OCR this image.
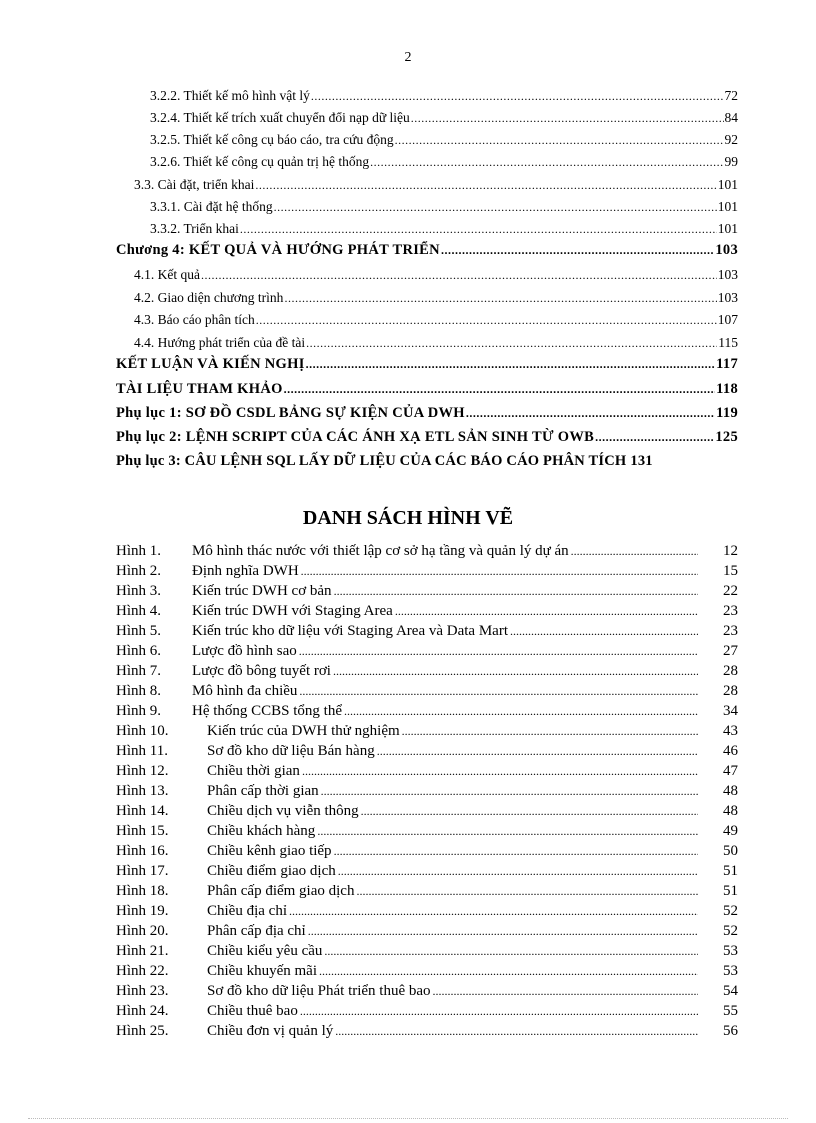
2
3.2.2. Thiết kế mô hình vật lý .....	72
3.2.4. Thiết kế trích xuất chuyển đổi nạp dữ liệu .....	84
3.2.5. Thiết kế công cụ báo cáo, tra cứu động .....	92
3.2.6. Thiết kế công cụ quản trị hệ thống .....	99
3.3. Cài đặt, triển khai .....	101
3.3.1. Cài đặt hệ thống .....	101
3.3.2. Triển khai .....	101
Chương 4: KẾT QUẢ VÀ HƯỚNG PHÁT TRIỂN .....	103
4.1. Kết quả .....	103
4.2. Giao diện chương trình .....	103
4.3. Báo cáo phân tích .....	107
4.4. Hướng phát triển của đề tài .....	115
KẾT LUẬN VÀ KIẾN NGHỊ .....	117
TÀI LIỆU THAM KHẢO .....	118
Phụ lục 1: SƠ ĐỒ CSDL BẢNG SỰ KIỆN CỦA DWH .....	119
Phụ lục 2: LỆNH SCRIPT CỦA CÁC ÁNH XẠ ETL SẢN SINH TỪ OWB .....	125
Phụ lục 3: CÂU LỆNH SQL LẤY DỮ LIỆU CỦA CÁC BÁO CÁO PHÂN TÍCH 131
DANH SÁCH HÌNH VẼ
Hình 1.	Mô hình thác nước với thiết lập cơ sở hạ tầng và quản lý dự án .....	12
Hình 2.	Định nghĩa DWH .....	15
Hình 3.	Kiến trúc DWH cơ bản .....	22
Hình 4.	Kiến trúc DWH với Staging Area .....	23
Hình 5.	Kiến trúc kho dữ liệu với Staging Area và Data Mart .....	23
Hình 6.	Lược đồ hình sao .....	27
Hình 7.	Lược đồ bông tuyết rơi .....	28
Hình 8.	Mô hình đa chiều .....	28
Hình 9.	Hệ thống CCBS tổng thể .....	34
Hình 10.	Kiến trúc của DWH thử nghiệm .....	43
Hình 11.	Sơ đồ kho dữ liệu Bán hàng .....	46
Hình 12.	Chiều thời gian .....	47
Hình 13.	Phân cấp thời gian .....	48
Hình 14.	Chiều dịch vụ viễn thông .....	48
Hình 15.	Chiều khách hàng .....	49
Hình 16.	Chiều kênh giao tiếp .....	50
Hình 17.	Chiều điểm giao dịch .....	51
Hình 18.	Phân cấp điểm giao dịch .....	51
Hình 19.	Chiều địa chỉ .....	52
Hình 20.	Phân cấp địa chỉ .....	52
Hình 21.	Chiều kiểu yêu cầu .....	53
Hình 22.	Chiều khuyến mãi .....	53
Hình 23.	Sơ đồ kho dữ liệu Phát triển thuê bao .....	54
Hình 24.	Chiều thuê bao .....	55
Hình 25.	Chiều đơn vị quản lý .....	56
